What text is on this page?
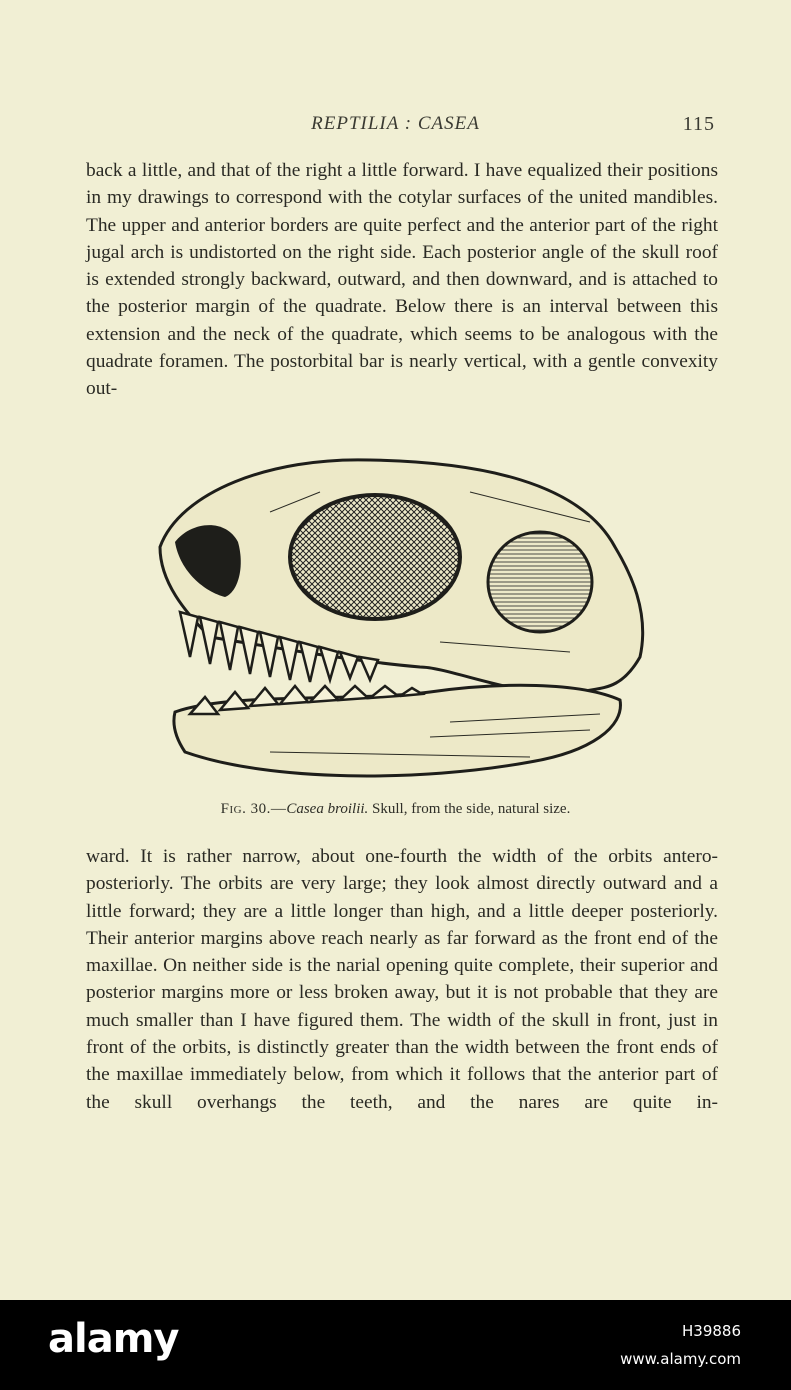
REPTILIA : CASEA	115

back a little, and that of the right a little forward. I have equalized their positions in my drawings to correspond with the cotylar surfaces of the united mandibles. The upper and anterior borders are quite perfect and the anterior part of the right jugal arch is undistorted on the right side. Each posterior angle of the skull roof is extended strongly backward, outward, and then downward, and is attached to the posterior margin of the quadrate. Below there is an interval between this extension and the neck of the quadrate, which seems to be analogous with the quadrate foramen. The postorbital bar is nearly vertical, with a gentle convexity out-

Fig. 30.—Casea broilii. Skull, from the side, natural size.

ward. It is rather narrow, about one-fourth the width of the orbits antero-posteriorly. The orbits are very large; they look almost directly outward and a little forward; they are a little longer than high, and a little deeper posteriorly. Their anterior margins above reach nearly as far forward as the front end of the maxillae. On neither side is the narial opening quite complete, their superior and posterior margins more or less broken away, but it is not probable that they are much smaller than I have figured them. The width of the skull in front, just in front of the orbits, is distinctly greater than the width between the front ends of the maxillae immediately below, from which it follows that the anterior part of the skull overhangs the teeth, and the nares are quite in-

alamy	H39886
www.alamy.com
